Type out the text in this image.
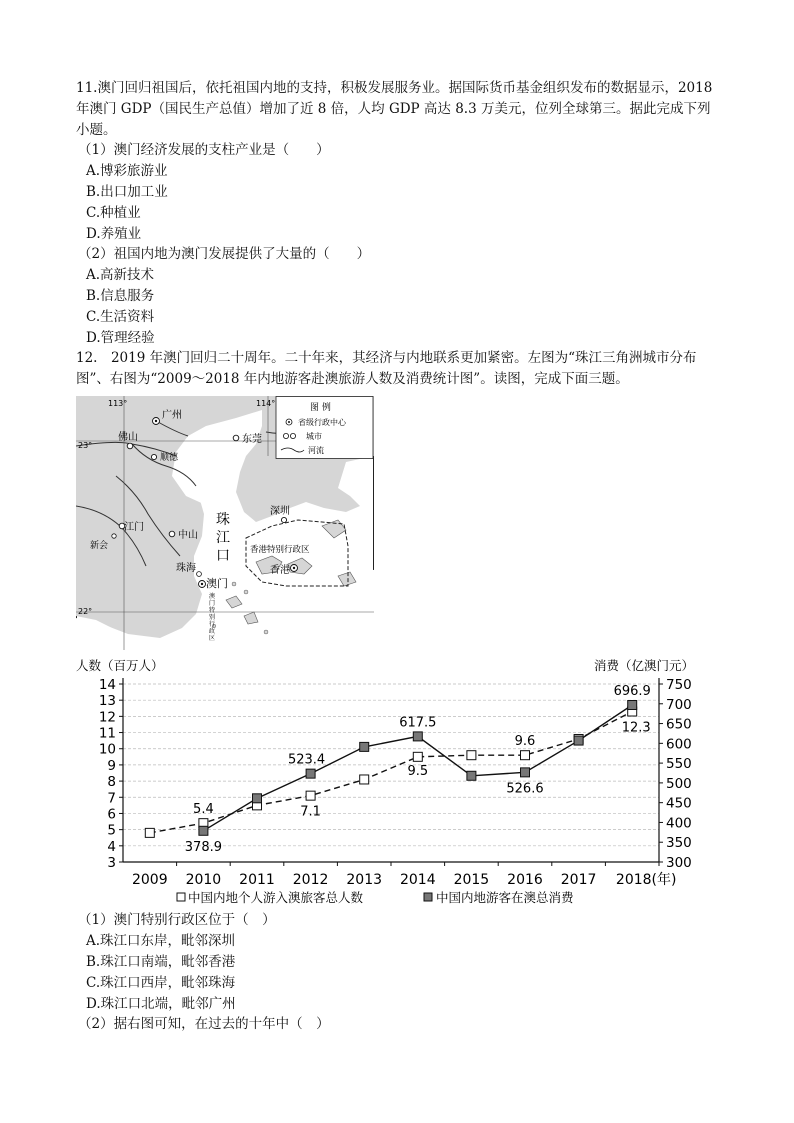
11.澳门回归祖国后，依托祖国内地的支持，积极发展服务业。据国际货币基金组织发布的数据显示，2018
年澳门 GDP（国民生产总值）增加了近 8 倍，人均 GDP 高达 8.3 万美元，位列全球第三。据此完成下列
小题。
（1）澳门经济发展的支柱产业是（　　）
A.博彩旅游业
B.出口加工业
C.种植业
D.养殖业
（2）祖国内地为澳门发展提供了大量的（　　）
A.高新技术
B.信息服务
C.生活资料
D.管理经验
12.　2019 年澳门回归二十周年。二十年来，其经济与内地联系更加紧密。左图为“珠江三角洲城市分布
图”、右图为“2009～2018 年内地游客赴澳旅游人数及消费统计图”。读图，完成下面三题。
113°	114°
23°
22°
图 例
省级行政中心
城市
河流
广州
佛山
顺德
东莞
江门
中山
新会
珠海
澳门
深圳
香港
珠
江
口 香港特别行政区
澳
门
特
别
行
政
区
人数（百万人）	消费（亿澳门元）
3
4
5
6
7
8
9
10
11
12
13
14
300
350
400
450
500
550
600
650
700
750
2009 2010 2011 2012 2013 2014 2015 2016 2017 2018(年)
5.4	7.1
9.5
9.6
12.3
378.9
523.4
617.5
526.6
696.9
中国内地个人游入澳旅客总人数	中国内地游客在澳总消费
（1）澳门特别行政区位于（　）
A.珠江口东岸，毗邻深圳
B.珠江口南端，毗邻香港
C.珠江口西岸，毗邻珠海
D.珠江口北端，毗邻广州
（2）据右图可知，在过去的十年中（　）
